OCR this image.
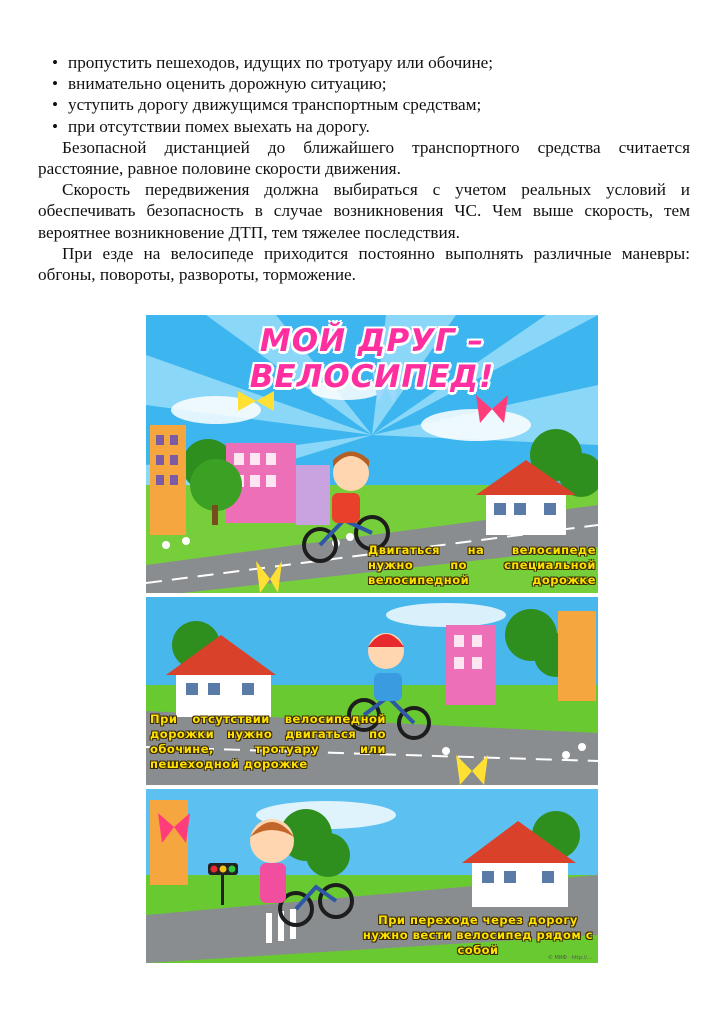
• пропустить пешеходов, идущих по тротуару или обочине;
• внимательно оценить дорожную ситуацию;
• уступить дорогу движущимся транспортным средствам;
• при отсутствии помех выехать на дорогу.

Безопасной дистанцией до ближайшего транспортного средства считается расстояние, равное половине скорости движения.

Скорость передвижения должна выбираться с учетом реальных условий и обеспечивать безопасность в случае возникновения ЧС. Чем выше скорость, тем вероятнее возникновение ДТП, тем тяжелее последствия.

При езде на велосипеде приходится постоянно выполнять различные маневры: обгоны, повороты, развороты, торможение.

МОЙ ДРУГ – ВЕЛОСИПЕД!
Двигаться на велосипеде нужно по специальной велосипедной дорожке
При отсутствии велосипедной дорожки нужно двигаться по обочине, тротуару или пешеходной дорожке
При переходе через дорогу нужно вести велосипед рядом с собой
© МИФ · http://…
